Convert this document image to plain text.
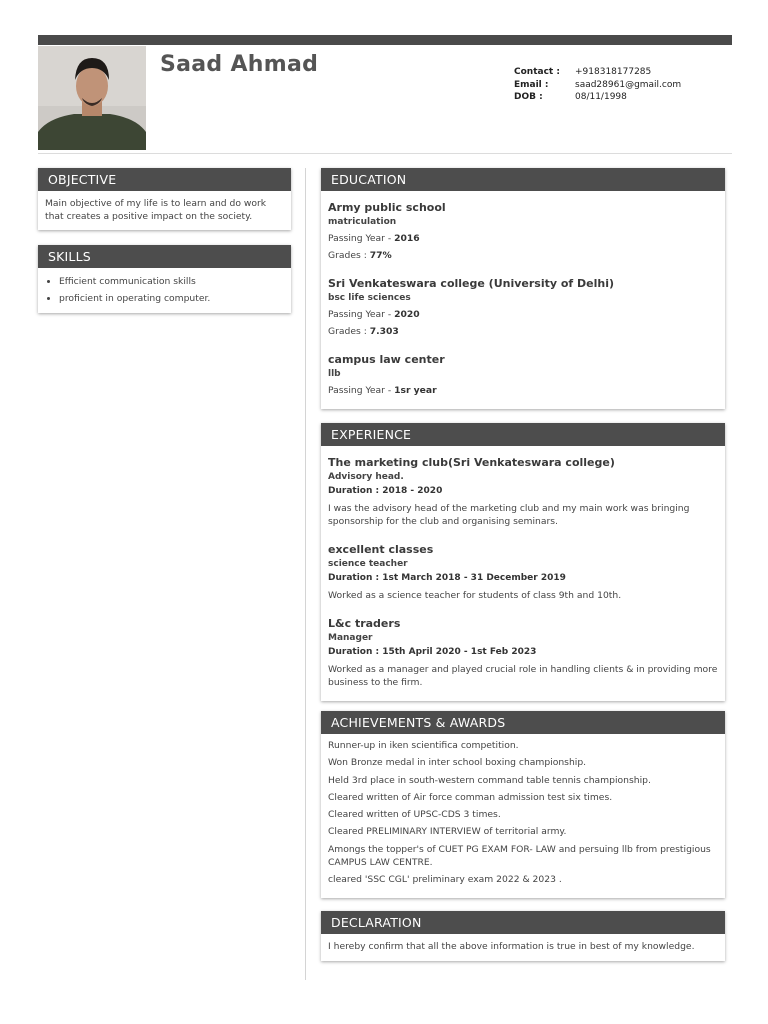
Saad Ahmad	Contact :	+918318177285
Email :	saad28961@gmail.com
DOB :	08/11/1998
OBJECTIVE

Main objective of my life is to learn and do work that creates a positive impact on the society.

SKILLS
• Efficient communication skills
• proficient in operating computer.
EDUCATION
Army public school
matriculation
Passing Year - 2016
Grades : 77%
Sri Venkateswara college (University of Delhi)
bsc life sciences
Passing Year - 2020
Grades : 7.303
campus law center
llb
Passing Year - 1sr year
EXPERIENCE
The marketing club(Sri Venkateswara college)
Advisory head.
Duration : 2018 - 2020
I was the advisory head of the marketing club and my main work was bringing sponsorship for the club and organising seminars.
excellent classes
science teacher
Duration : 1st March 2018 - 31 December 2019
Worked as a science teacher for students of class 9th and 10th.
L&c traders
Manager
Duration : 15th April 2020 - 1st Feb 2023
Worked as a manager and played crucial role in handling clients & in providing more business to the firm.
ACHIEVEMENTS & AWARDS

Runner-up in iken scientifica competition.

Won Bronze medal in inter school boxing championship.

Held 3rd place in south-western command table tennis championship.

Cleared written of Air force comman admission test six times.

Cleared written of UPSC-CDS 3 times.

Cleared PRELIMINARY INTERVIEW of territorial army.

Amongs the topper's of CUET PG EXAM FOR- LAW and persuing llb from prestigious CAMPUS LAW CENTRE.

cleared 'SSC CGL' preliminary exam 2022 & 2023 .

DECLARATION
I hereby confirm that all the above information is true in best of my knowledge.
